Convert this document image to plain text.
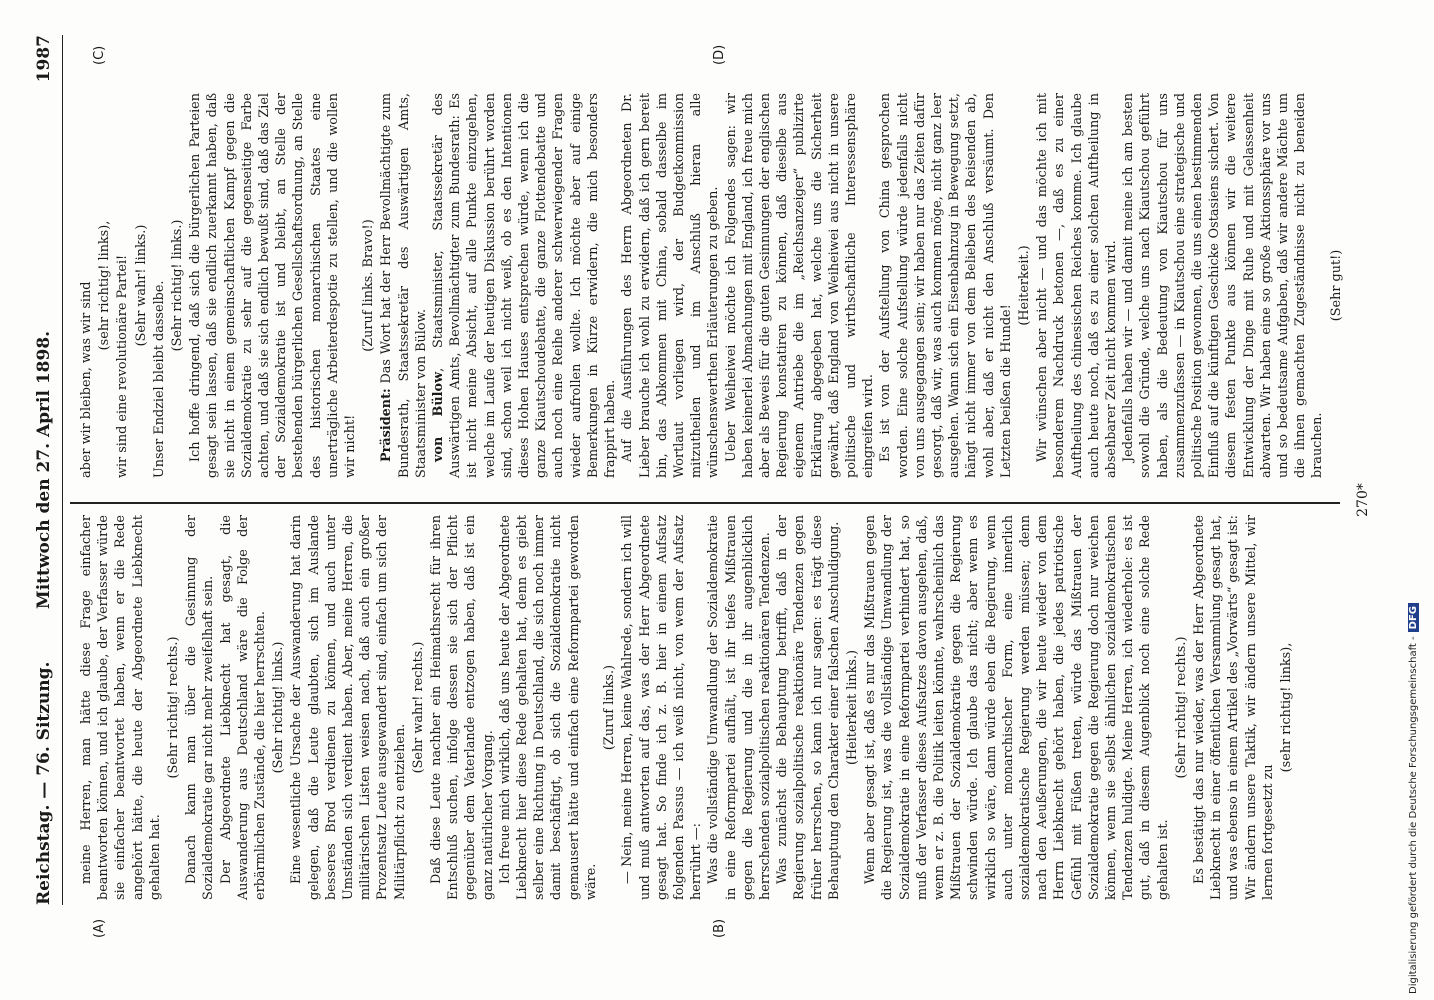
Reichstag. — 76. Sitzung.
Mittwoch den 27. April 1898.
1987
(A)	(B)
(C)	(D)

meine Herren, man hätte diese Frage einfacher beantworten können, und ich glaube, der Verfasser würde sie einfacher beantwortet haben, wenn er die Rede angehört hätte, die heute der Abgeordnete Liebknecht gehalten hat.

(Sehr richtig! rechts.) Danach kann man über die Gesinnung der Sozialdemokratie gar nicht mehr zweifelhaft sein. Der Abgeordnete Liebknecht hat gesagt, die Auswanderung aus Deutschland wäre die Folge der erbärmlichen Zustände, die hier herrschten. (Sehr richtig! links.) Eine wesentliche Ursache der Auswanderung hat darin gelegen, daß die Leute glaubten, sich im Auslande besseres Brod verdienen zu können, und auch unter Umständen sich verdient haben. Aber, meine Herren, die militärischen Listen weisen nach, daß auch ein großer Prozentsatz Leute ausgewandert sind, einfach um sich der Militärpflicht zu entziehen.

(Sehr wahr! rechts.) Daß diese Leute nachher ein Heimathsrecht für ihren Entschluß suchen, infolge dessen sie sich der Pflicht gegenüber dem Vaterlande entzogen haben, daß ist ein ganz natürlicher Vorgang. Ich freue mich wirklich, daß uns heute der Abgeordnete Liebknecht hier diese Rede gehalten hat, denn es giebt selber eine Richtung in Deutschland, die sich noch immer damit beschäftigt, ob sich die Sozialdemokratie nicht gemausert hätte und einfach eine Reformpartei geworden wäre.

(Zuruf links.) — Nein, meine Herren, keine Wahlrede, sondern ich will und muß antworten auf das, was der Herr Abgeordnete gesagt hat. So finde ich z. B. hier in einem Aufsatz folgenden Passus — ich weiß nicht, von wem der Aufsatz herrührt —: Was die vollständige Umwandlung der Sozialdemokratie in eine Reformpartei aufhält, ist ihr tiefes Mißtrauen gegen die Regierung und die in ihr augenblicklich herrschenden sozialpolitischen reaktionären Tendenzen. Was zunächst die Behauptung betrifft, daß in der Regierung sozialpolitische reaktionäre Tendenzen gegen früher herrschen, so kann ich nur sagen: es trägt diese Behauptung den Charakter einer falschen Anschuldigung. (Heiterkeit links.) Wenn aber gesagt ist, daß es nur das Mißtrauen gegen die Regierung ist, was die vollständige Umwandlung der Sozialdemokratie in eine Reformpartei verhindert hat, so muß der Verfasser dieses Aufsatzes davon ausgehen, daß, wenn er z. B. die Politik leiten könnte, wahrscheinlich das Mißtrauen der Sozialdemokratie gegen die Regierung schwinden würde. Ich glaube das nicht; aber wenn es wirklich so wäre, dann würde eben die Regierung, wenn auch unter monarchischer Form, eine innerlich sozialdemokratische Regierung werden müssen; denn nach den Aeußerungen, die wir heute wieder von dem Herrn Liebknecht gehört haben, die jedes patriotische Gefühl mit Füßen treten, würde das Mißtrauen der Sozialdemokratie gegen die Regierung doch nur weichen können, wenn sie selbst ähnlichen sozialdemokratischen Tendenzen huldigte. Meine Herren, ich wiederhole: es ist gut, daß in diesem Augenblick noch eine solche Rede gehalten ist.

(Sehr richtig! rechts.) Es bestätigt das nur wieder, was der Herr Abgeordnete Liebknecht in einer öffentlichen Versammlung gesagt hat, und was ebenso in einem Artikel des „Vorwärts“ gesagt ist: Wir ändern unsere Taktik, wir ändern unsere Mittel, wir lernen fortgesetzt zu

(sehr richtig! links),

aber wir bleiben, was wir sind (sehr richtig! links), wir sind eine revolutionäre Partei! (Sehr wahr! links.) Unser Endziel bleibt dasselbe. (Sehr richtig! links.) Ich hoffe dringend, daß sich die bürgerlichen Parteien gesagt sein lassen, daß sie endlich zuerkannt haben, daß sie nicht in einem gemeinschaftlichen Kampf gegen die Sozialdemokratie zu sehr auf die gegenseitige Farbe achten, und daß sie sich endlich bewußt sind, daß das Ziel der Sozialdemokratie ist und bleibt, an Stelle der bestehenden bürgerlichen Gesellschaftsordnung, an Stelle des historischen monarchischen Staates eine unerträgliche Arbeiterdespotie zu stellen, und die wollen wir nicht!

(Zuruf links. Bravo!)

Präsident: Das Wort hat der Herr Bevollmächtigte zum Bundesrath, Staatssekretär des Auswärtigen Amts, Staatsminister von Bülow. von Bülow, Staatsminister, Staatssekretär des Auswärtigen Amts, Bevollmächtigter zum Bundesrath: Es ist nicht meine Absicht, auf alle Punkte einzugehen, welche im Laufe der heutigen Diskussion berührt worden sind, schon weil ich nicht weiß, ob es den Intentionen dieses Hohen Hauses entsprechen würde, wenn ich die ganze Kiautschoudebatte, die ganze Flottendebatte und auch noch eine Reihe anderer schwerwiegender Fragen wieder aufrollen wollte. Ich möchte aber auf einige Bemerkungen in Kürze erwidern, die mich besonders frappirt haben. Auf die Ausführungen des Herrn Abgeordneten Dr. Lieber brauche ich wohl zu erwidern, daß ich gern bereit bin, das Abkommen mit China, sobald dasselbe im Wortlaut vorliegen wird, der Budgetkommission mitzutheilen und im Anschluß hieran alle wünschenswerthen Erläuterungen zu geben. Ueber Weiheiwei möchte ich Folgendes sagen: wir haben keinerlei Abmachungen mit England, ich freue mich aber als Beweis für die guten Gesinnungen der englischen Regierung konstatiren zu können, daß dieselbe aus eigenem Antriebe die im „Reichsanzeiger“ publizirte Erklärung abgegeben hat, welche uns die Sicherheit gewährt, daß England von Weiheiwei aus nicht in unsere politische und wirthschaftliche Interessensphäre eingreifen wird. Es ist von der Aufstellung von China gesprochen worden. Eine solche Aufstellung würde jedenfalls nicht von uns ausgegangen sein; wir haben nur das Zeiten dafür gesorgt, daß wir, was auch kommen möge, nicht ganz leer ausgehen. Wann sich ein Eisenbahnzug in Bewegung setzt, hängt nicht immer von dem Belieben des Reisenden ab, wohl aber, daß er nicht den Anschluß versäumt. Den Letzten beißen die Hunde!

(Heiterkeit.) Wir wünschen aber nicht — und das möchte ich mit besonderem Nachdruck betonen —, daß es zu einer Auftheilung des chinesischen Reiches komme. Ich glaube auch heute noch, daß es zu einer solchen Auftheilung in absehbarer Zeit nicht kommen wird. Jedenfalls haben wir — und damit meine ich am besten sowohl die Gründe, welche uns nach Kiautschou geführt haben, als die Bedeutung von Kiautschou für uns zusammenzufassen — in Kiautschou eine strategische und politische Position gewonnen, die uns einen bestimmenden Einfluß auf die künftigen Geschicke Ostasiens sichert. Von diesem festen Punkte aus können wir die weitere Entwicklung der Dinge mit Ruhe und mit Gelassenheit abwarten. Wir haben eine so große Aktionssphäre vor uns und so bedeutsame Aufgaben, daß wir andere Mächte um die ihnen gemachten Zugeständnisse nicht zu beneiden brauchen.

(Sehr gut!)

270*
Digitalisierung gefördert durch die Deutsche Forschungsgemeinschaft -DFG
